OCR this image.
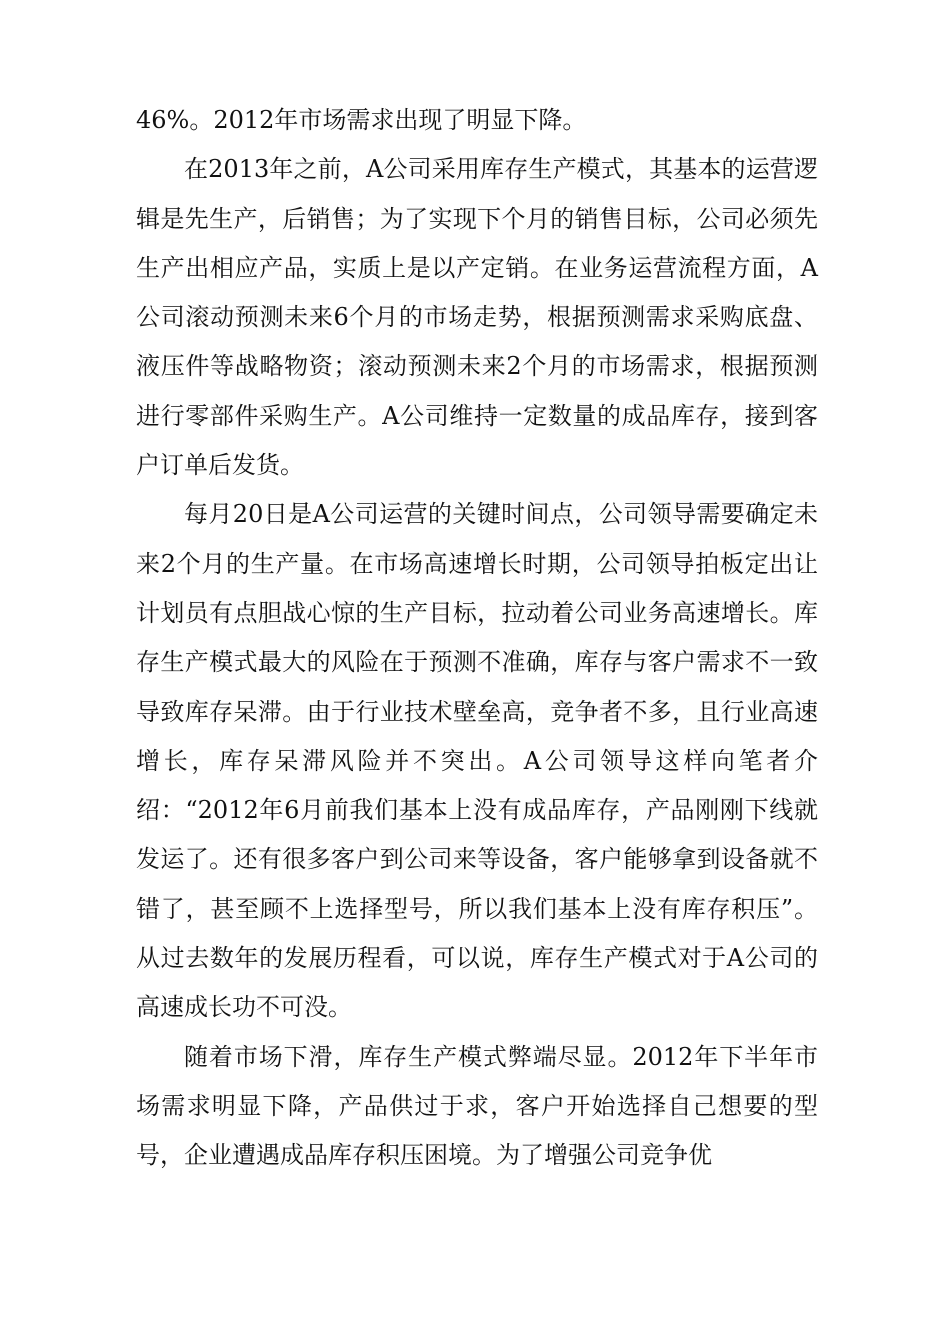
46%。2012年市场需求出现了明显下降。

在2013年之前，A公司采用库存生产模式，其基本的运营逻辑是先生产，后销售；为了实现下个月的销售目标，公司必须先生产出相应产品，实质上是以产定销。在业务运营流程方面，A公司滚动预测未来6个月的市场走势，根据预测需求采购底盘、液压件等战略物资；滚动预测未来2个月的市场需求，根据预测进行零部件采购生产。A公司维持一定数量的成品库存，接到客户订单后发货。

每月20日是A公司运营的关键时间点，公司领导需要确定未来2个月的生产量。在市场高速增长时期，公司领导拍板定出让计划员有点胆战心惊的生产目标，拉动着公司业务高速增长。库存生产模式最大的风险在于预测不准确，库存与客户需求不一致导致库存呆滞。由于行业技术壁垒高，竞争者不多，且行业高速增长，库存呆滞风险并不突出。A公司领导这样向笔者介绍：“2012年6月前我们基本上没有成品库存，产品刚刚下线就发运了。还有很多客户到公司来等设备，客户能够拿到设备就不错了，甚至顾不上选择型号，所以我们基本上没有库存积压”。从过去数年的发展历程看，可以说，库存生产模式对于A公司的高速成长功不可没。

随着市场下滑，库存生产模式弊端尽显。2012年下半年市场需求明显下降，产品供过于求，客户开始选择自己想要的型号，企业遭遇成品库存积压困境。为了增强公司竞争优
